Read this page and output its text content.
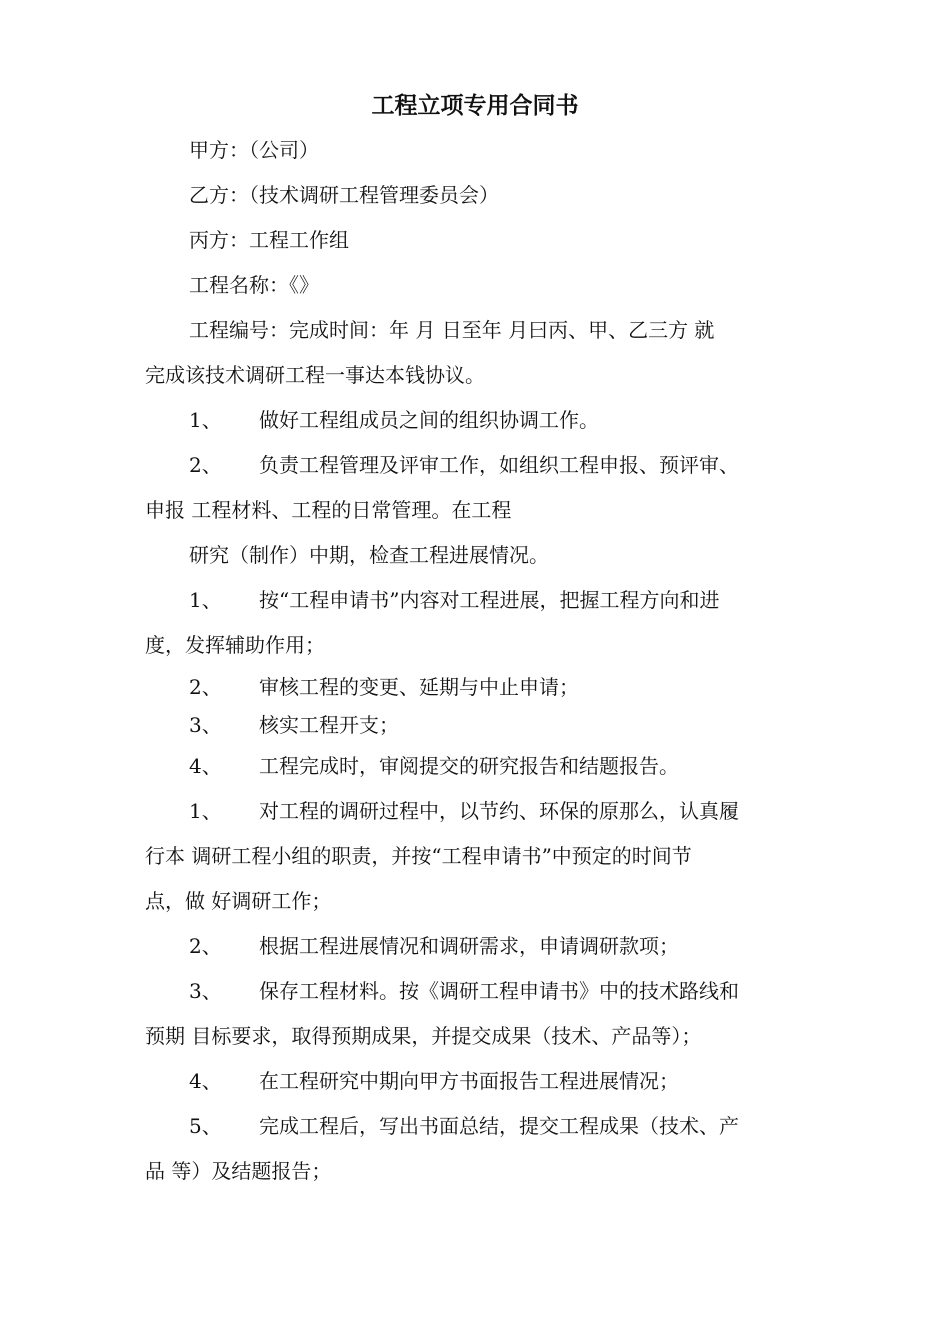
工程立项专用合同书
甲方：（公司）
乙方：（技术调研工程管理委员会）
丙方：工程工作组
工程名称：《》
工程编号：完成时间：年 月 日至年 月曰丙、甲、乙三方 就
完成该技术调研工程一事达本钱协议。
1、 做好工程组成员之间的组织协调工作。
2、 负责工程管理及评审工作，如组织工程申报、预评审、
申报 工程材料、工程的日常管理。在工程
研究（制作）中期，检查工程进展情况。
1、 按“工程申请书”内容对工程进展，把握工程方向和进
度，发挥辅助作用；
2、 审核工程的变更、延期与中止申请；
3、 核实工程开支；
4、 工程完成时，审阅提交的研究报告和结题报告。
1、 对工程的调研过程中，以节约、环保的原那么，认真履
行本 调研工程小组的职责，并按“工程申请书”中预定的时间节
点，做 好调研工作；
2、 根据工程进展情况和调研需求，申请调研款项；
3、 保存工程材料。按《调研工程申请书》中的技术路线和
预期 目标要求，取得预期成果，并提交成果（技术、产品等）；
4、 在工程研究中期向甲方书面报告工程进展情况；
5、 完成工程后，写出书面总结，提交工程成果（技术、产
品 等）及结题报告；
